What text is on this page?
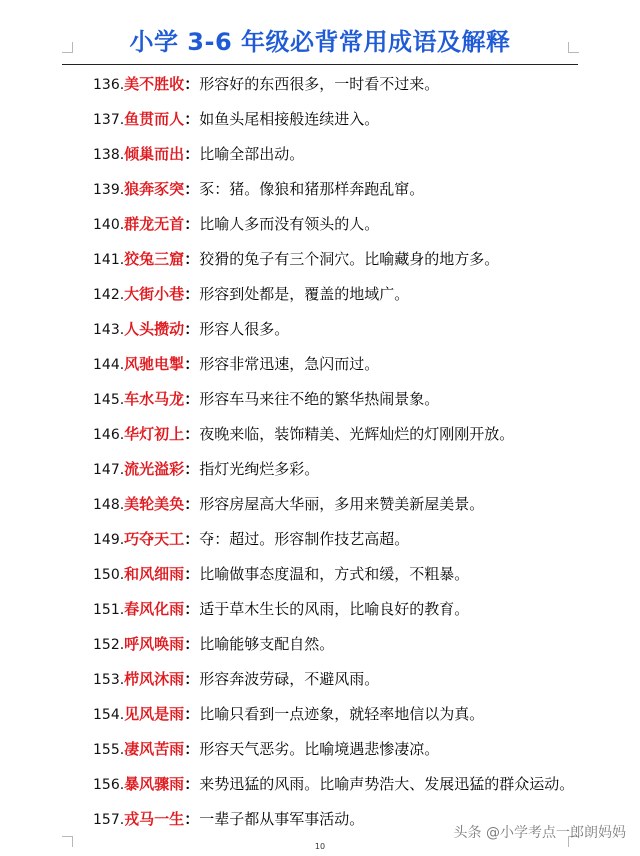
小学 3-6 年级必背常用成语及解释
136.美不胜收：形容好的东西很多，一时看不过来。
137.鱼贯而人：如鱼头尾相接般连续进入。
138.倾巢而出：比喻全部出动。
139.狼奔豕突：豕：猪。像狼和猪那样奔跑乱窜。
140.群龙无首：比喻人多而没有领头的人。
141.狡兔三窟：狡猾的兔子有三个洞穴。比喻藏身的地方多。
142.大街小巷：形容到处都是，覆盖的地域广。
143.人头攒动：形容人很多。
144.风驰电掣：形容非常迅速，急闪而过。
145.车水马龙：形容车马来往不绝的繁华热闹景象。
146.华灯初上：夜晚来临，装饰精美、光辉灿烂的灯刚刚开放。
147.流光溢彩：指灯光绚烂多彩。
148.美轮美奂：形容房屋高大华丽，多用来赞美新屋美景。
149.巧夺天工：夺：超过。形容制作技艺高超。
150.和风细雨：比喻做事态度温和，方式和缓，不粗暴。
151.春风化雨：适于草木生长的风雨，比喻良好的教育。
152.呼风唤雨：比喻能够支配自然。
153.栉风沐雨：形容奔波劳碌，不避风雨。
154.见风是雨：比喻只看到一点迹象，就轻率地信以为真。
155.凄风苦雨：形容天气恶劣。比喻境遇悲惨凄凉。
156.暴风骤雨：来势迅猛的风雨。比喻声势浩大、发展迅猛的群众运动。
157.戎马一生：一辈子都从事军事活动。
10
头条 @小学考点一郎朗妈妈
